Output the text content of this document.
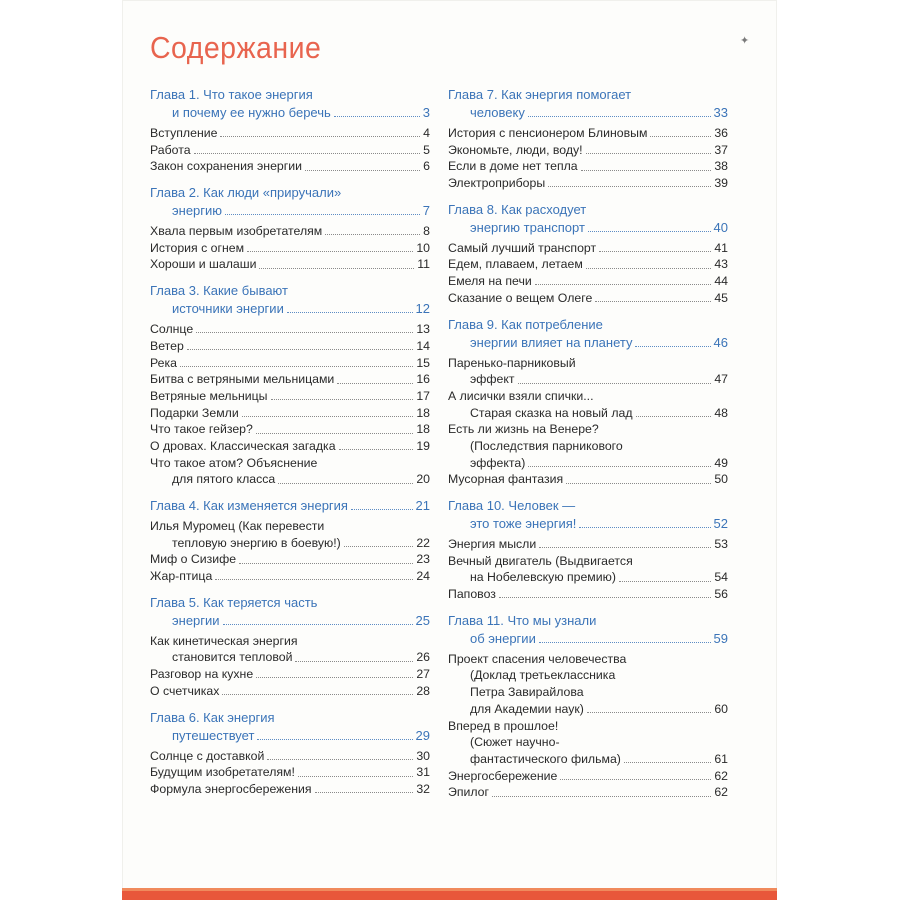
Содержание	✦
Глава 1. Что такое энергия
и почему ее нужно беречь	3
Вступление	4
Работа	5
Закон сохранения энергии	6
Глава 2. Как люди «приручали»
энергию	7
Хвала первым изобретателям	8
История с огнем	10
Хороши и шалаши	11
Глава 3. Какие бывают
источники энергии	12
Солнце	13
Ветер	14
Река	15
Битва с ветряными мельницами	16
Ветряные мельницы	17
Подарки Земли	18
Что такое гейзер?	18
О дровах. Классическая загадка	19
Что такое атом? Объяснение
для пятого класса	20
Глава 4. Как изменяется энергия	21
Илья Муромец (Как перевести
тепловую энергию в боевую!)	22
Миф о Сизифе	23
Жар-птица	24
Глава 5. Как теряется часть
энергии	25
Как кинетическая энергия
становится тепловой	26
Разговор на кухне	27
О счетчиках	28
Глава 6. Как энергия
путешествует	29
Солнце с доставкой	30
Будущим изобретателям!	31
Формула энергосбережения	32
Глава 7. Как энергия помогает
человеку	33
История с пенсионером Блиновым	36
Экономьте, люди, воду!	37
Если в доме нет тепла	38
Электроприборы	39
Глава 8. Как расходует
энергию транспорт	40
Самый лучший транспорт	41
Едем, плаваем, летаем	43
Емеля на печи	44
Сказание о вещем Олеге	45
Глава 9. Как потребление
энергии влияет на планету	46
Паренько-парниковый
эффект	47
А лисички взяли спички...
Старая сказка на новый лад	48
Есть ли жизнь на Венере?
(Последствия парникового
эффекта)	49
Мусорная фантазия	50
Глава 10. Человек —
это тоже энергия!	52
Энергия мысли	53
Вечный двигатель (Выдвигается
на Нобелевскую премию)	54
Паповоз	56
Глава 11. Что мы узнали
об энергии	59
Проект спасения человечества
(Доклад третьеклассника
Петра Завирайлова
для Академии наук)	60
Вперед в прошлое!
(Сюжет научно-
фантастического фильма)	61
Энергосбережение	62
Эпилог	62
